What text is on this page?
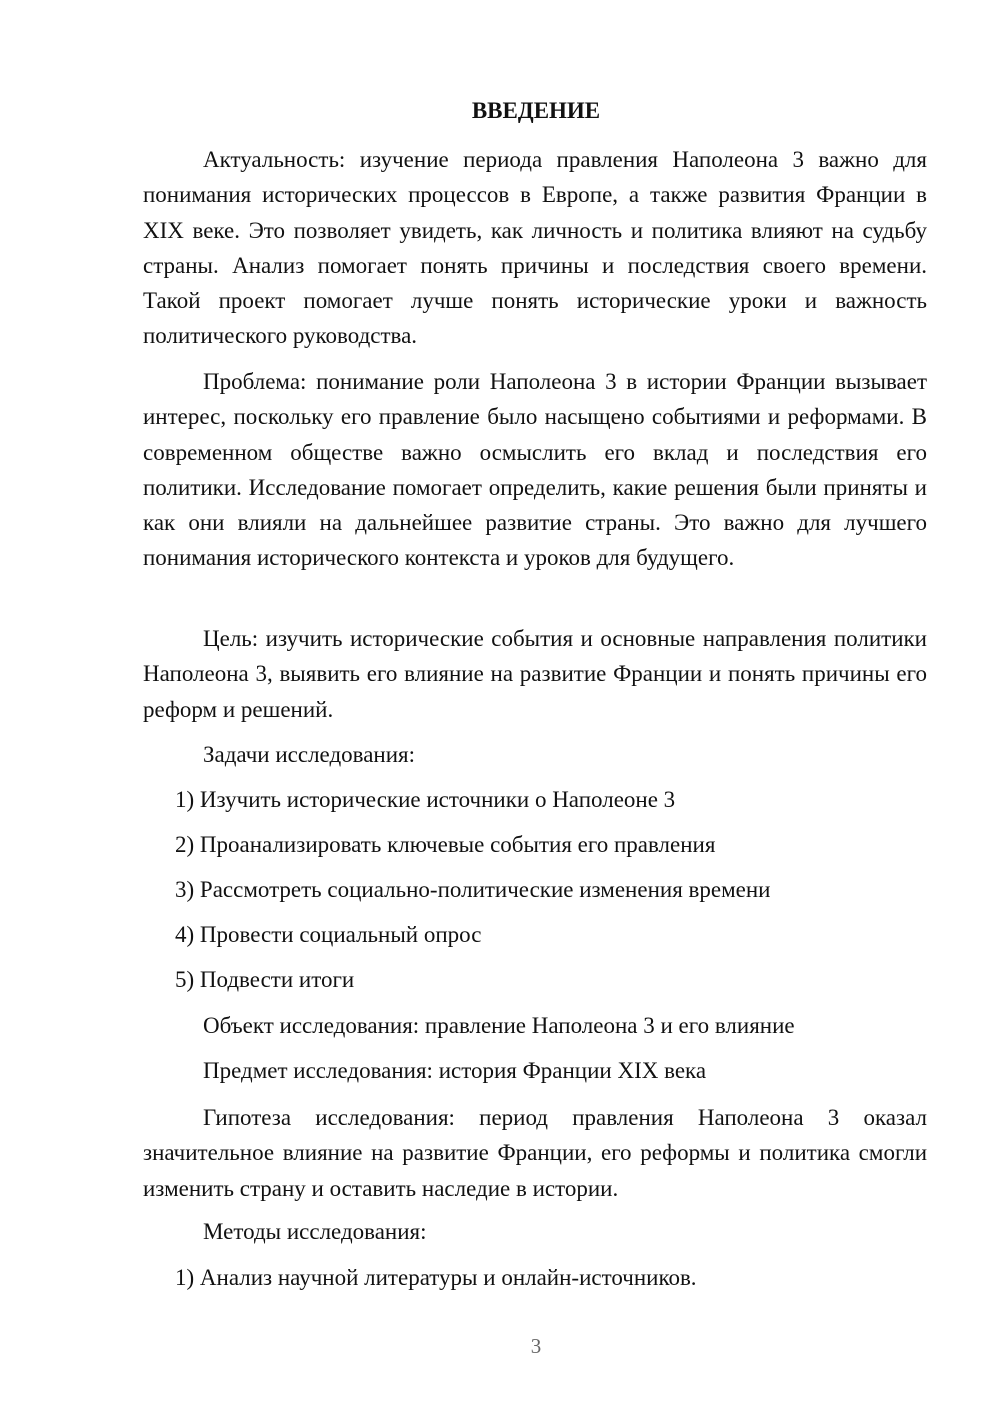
ВВЕДЕНИЕ

Актуальность: изучение периода правления Наполеона 3 важно для понимания исторических процессов в Европе, а также развития Франции в XIX веке. Это позволяет увидеть, как личность и политика влияют на судьбу страны. Анализ помогает понять причины и последствия своего времени. Такой проект помогает лучше понять исторические уроки и важность политического руководства.

Проблема: понимание роли Наполеона 3 в истории Франции вызывает интерес, поскольку его правление было насыщено событиями и реформами. В современном обществе важно осмыслить его вклад и последствия его политики. Исследование помогает определить, какие решения были приняты и как они влияли на дальнейшее развитие страны. Это важно для лучшего понимания исторического контекста и уроков для будущего.

Цель: изучить исторические события и основные направления политики Наполеона 3, выявить его влияние на развитие Франции и понять причины его реформ и решений.

Задачи исследования:
1) Изучить исторические источники о Наполеоне 3
2) Проанализировать ключевые события его правления
3) Рассмотреть социально-политические изменения времени
4) Провести социальный опрос
5) Подвести итоги
Объект исследования: правление Наполеона 3 и его влияние
Предмет исследования: история Франции XIX века

Гипотеза исследования: период правления Наполеона 3 оказал значительное влияние на развитие Франции, его реформы и политика смогли изменить страну и оставить наследие в истории.

Методы исследования:
1) Анализ научной литературы и онлайн-источников.
3
